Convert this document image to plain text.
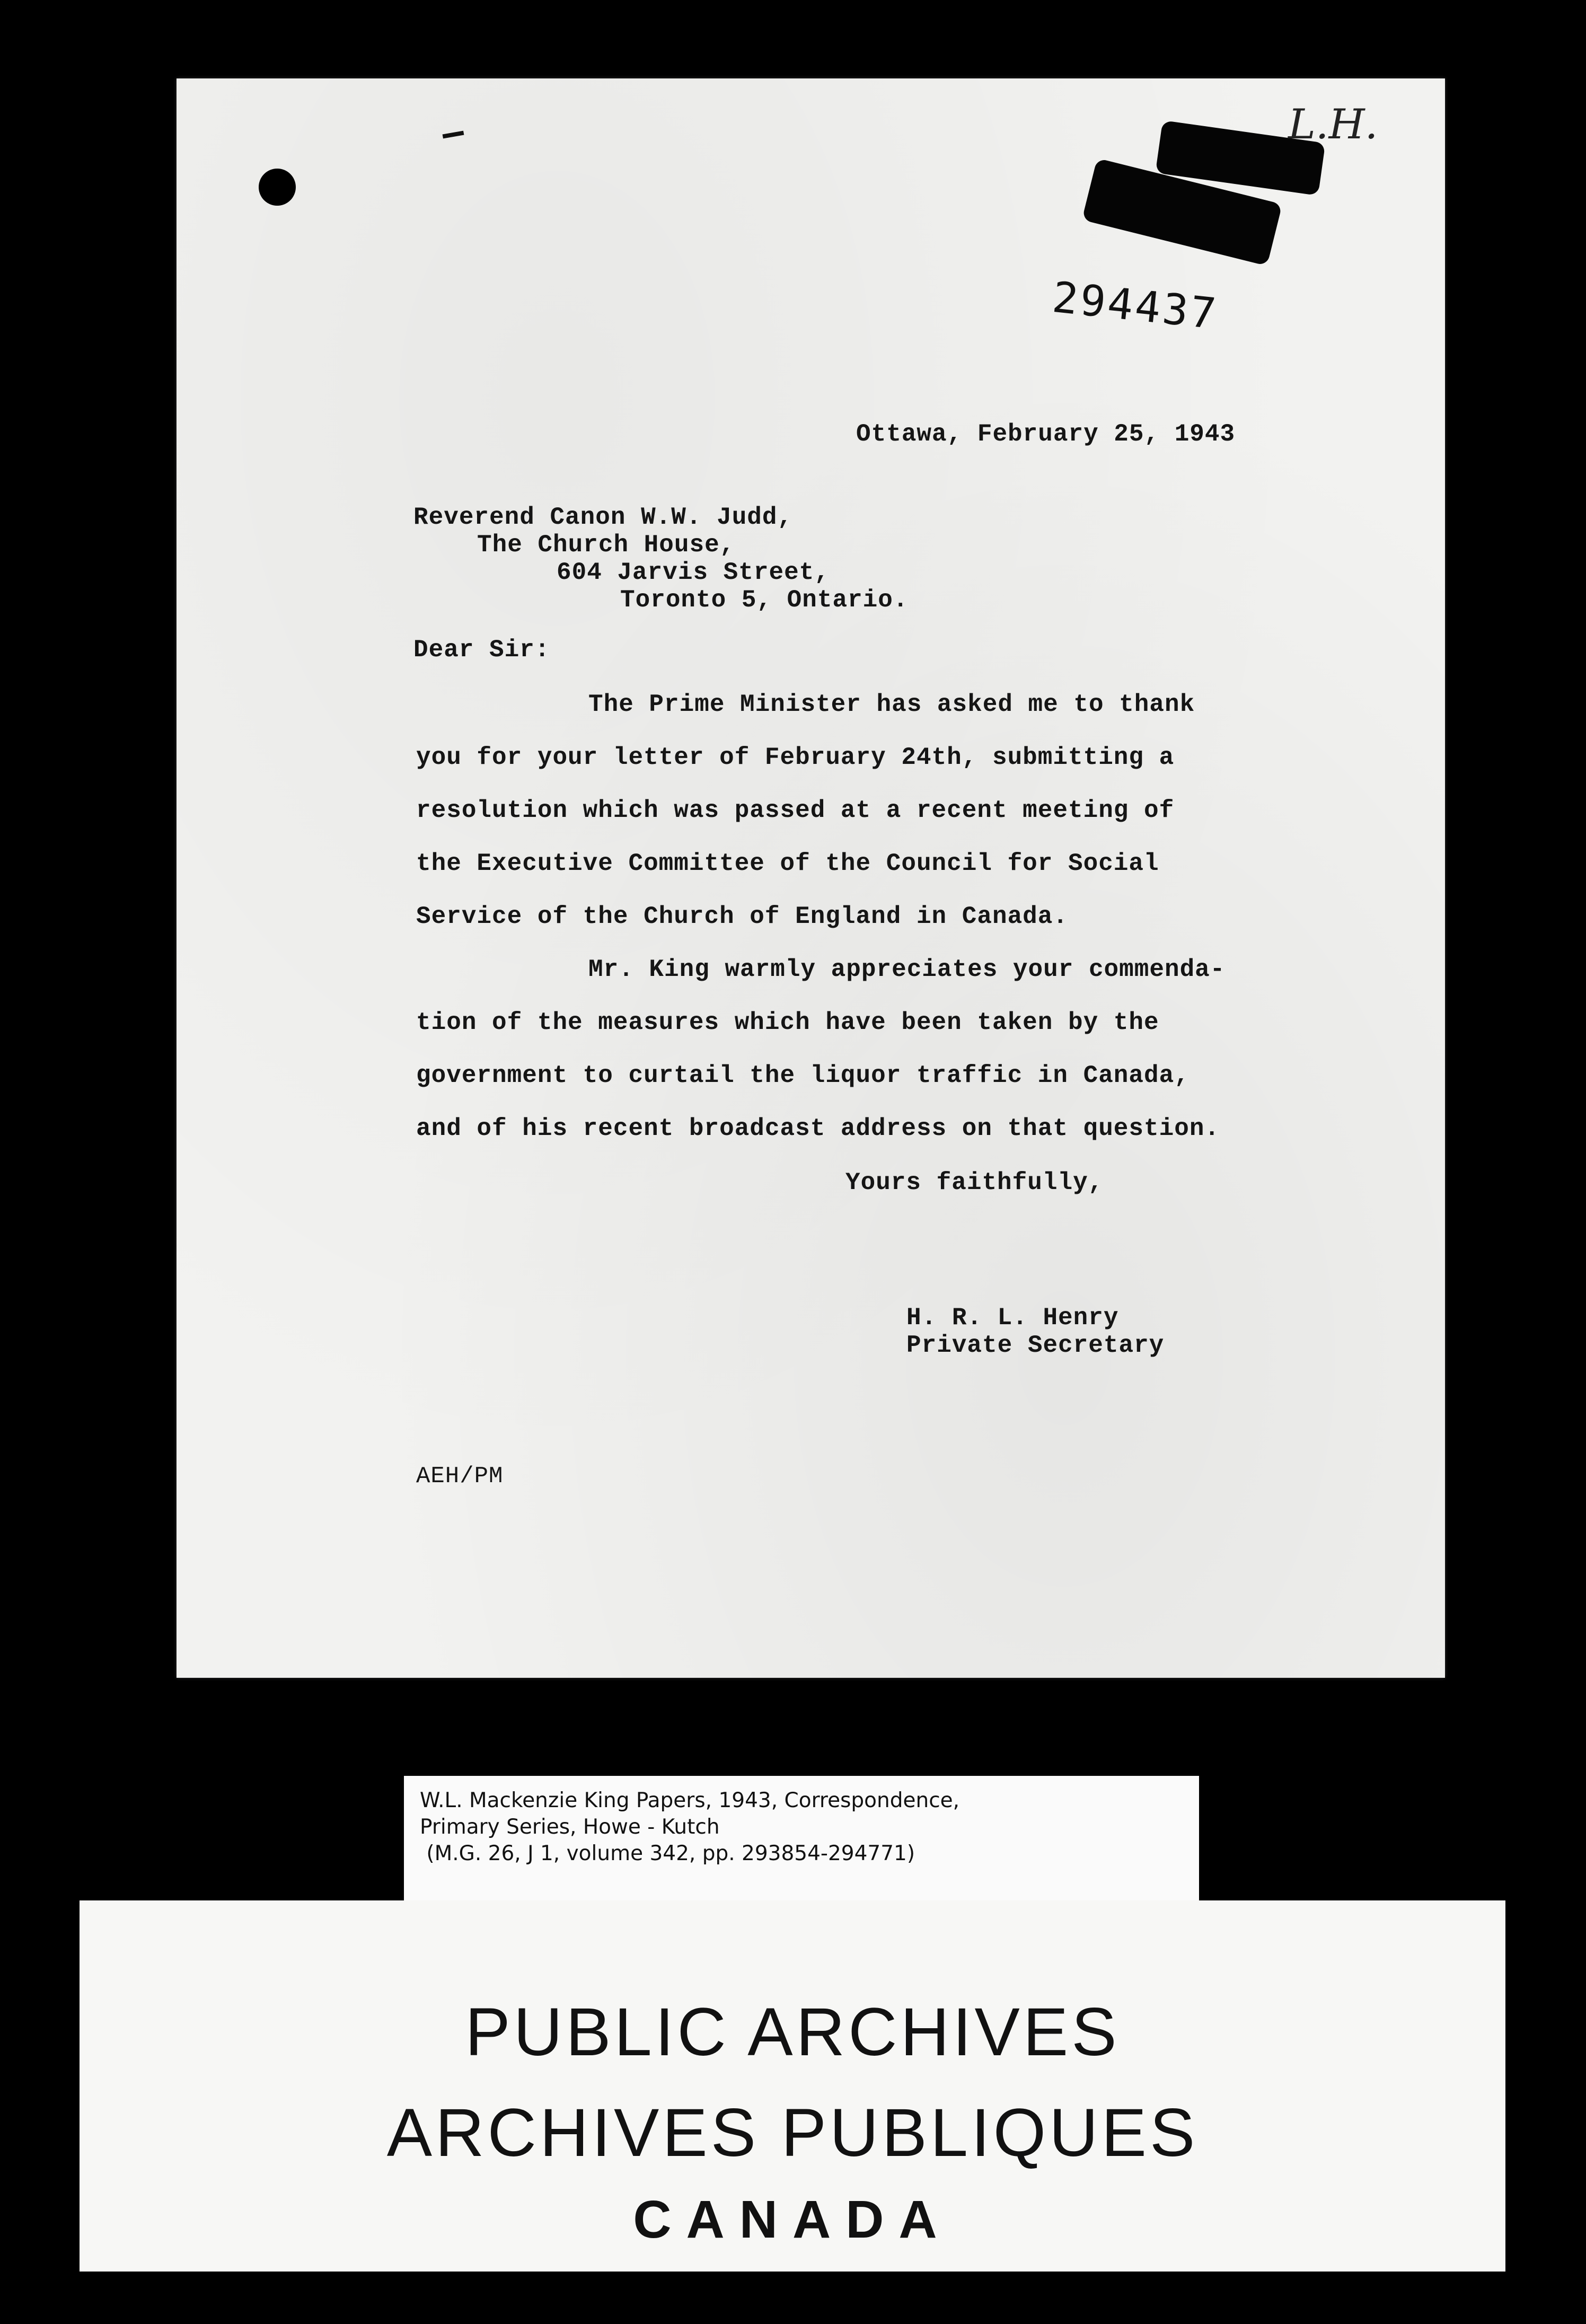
L.H.
294437
Ottawa, February 25, 1943
Reverend Canon W.W. Judd,
The Church House,
604 Jarvis Street,
Toronto 5, Ontario.
Dear Sir:
The Prime Minister has asked me to thank
you for your letter of February 24th, submitting a
resolution which was passed at a recent meeting of
the Executive Committee of the Council for Social
Service of the Church of England in Canada.
Mr. King warmly appreciates your commenda-
tion of the measures which have been taken by the
government to curtail the liquor traffic in Canada,
and of his recent broadcast address on that question.
Yours faithfully,
H. R. L. Henry
Private Secretary
AEH/PM
W.L. Mackenzie King Papers, 1943, Correspondence,
Primary Series, Howe - Kutch
(M.G. 26, J 1, volume 342, pp. 293854-294771)
PUBLIC ARCHIVES
ARCHIVES PUBLIQUES
CANADA
